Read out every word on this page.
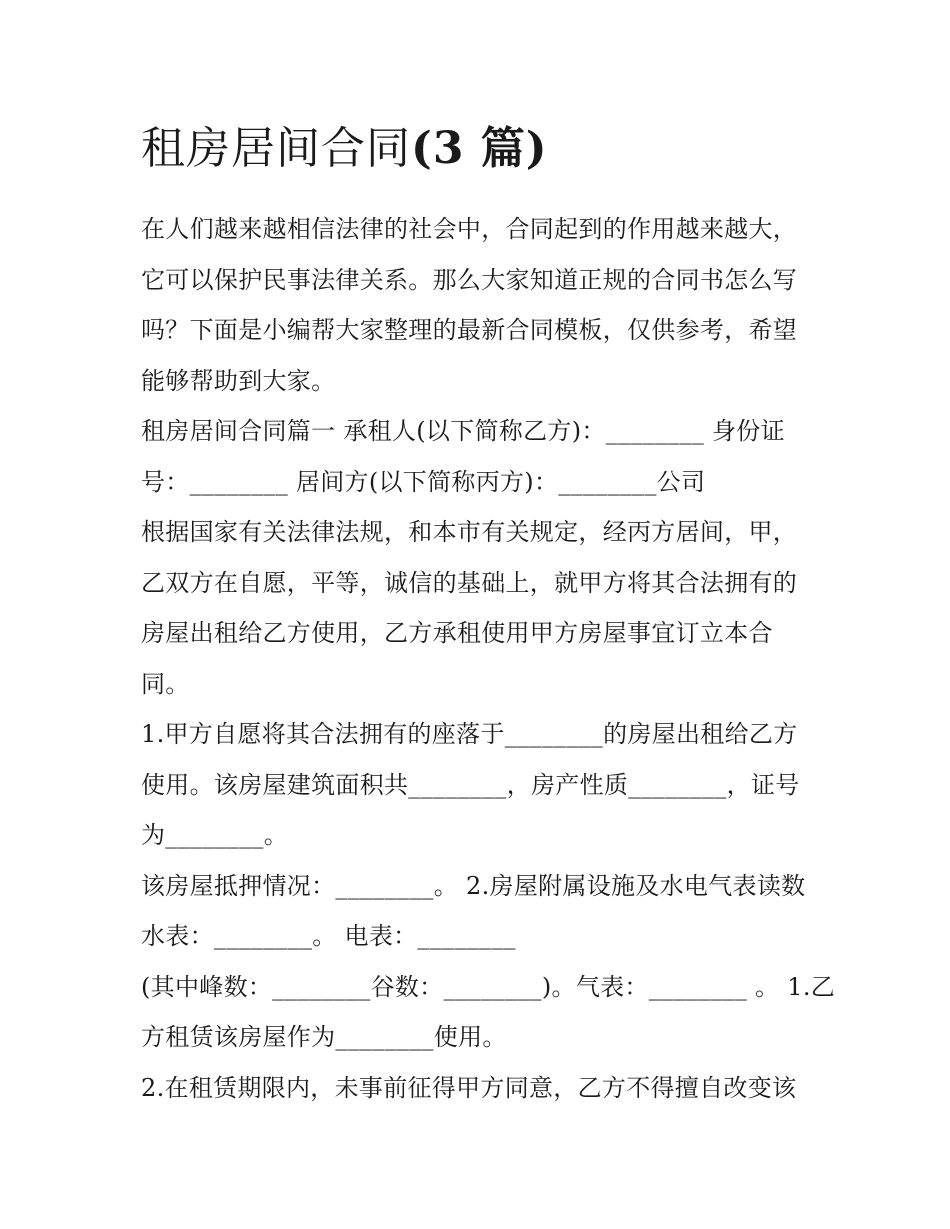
租房居间合同(3 篇)

在人们越来越相信法律的社会中，合同起到的作用越来越大，
它可以保护民事法律关系。那么大家知道正规的合同书怎么写
吗？下面是小编帮大家整理的最新合同模板，仅供参考，希望
能够帮助到大家。

租房居间合同篇一 承租人(以下简称乙方)：________ 身份证
号：________ 居间方(以下简称丙方)：________公司

根据国家有关法律法规，和本市有关规定，经丙方居间，甲，
乙双方在自愿，平等，诚信的基础上，就甲方将其合法拥有的
房屋出租给乙方使用，乙方承租使用甲方房屋事宜订立本合
同。

1.甲方自愿将其合法拥有的座落于________的房屋出租给乙方
使用。该房屋建筑面积共________，房产性质________，证号
为________。

该房屋抵押情况：________。 2.房屋附属设施及水电气表读数
水表：________。 电表：________

(其中峰数：________谷数：________)。气表：________ 。 1.乙
方租赁该房屋作为________使用。

2.在租赁期限内，未事前征得甲方同意，乙方不得擅自改变该
